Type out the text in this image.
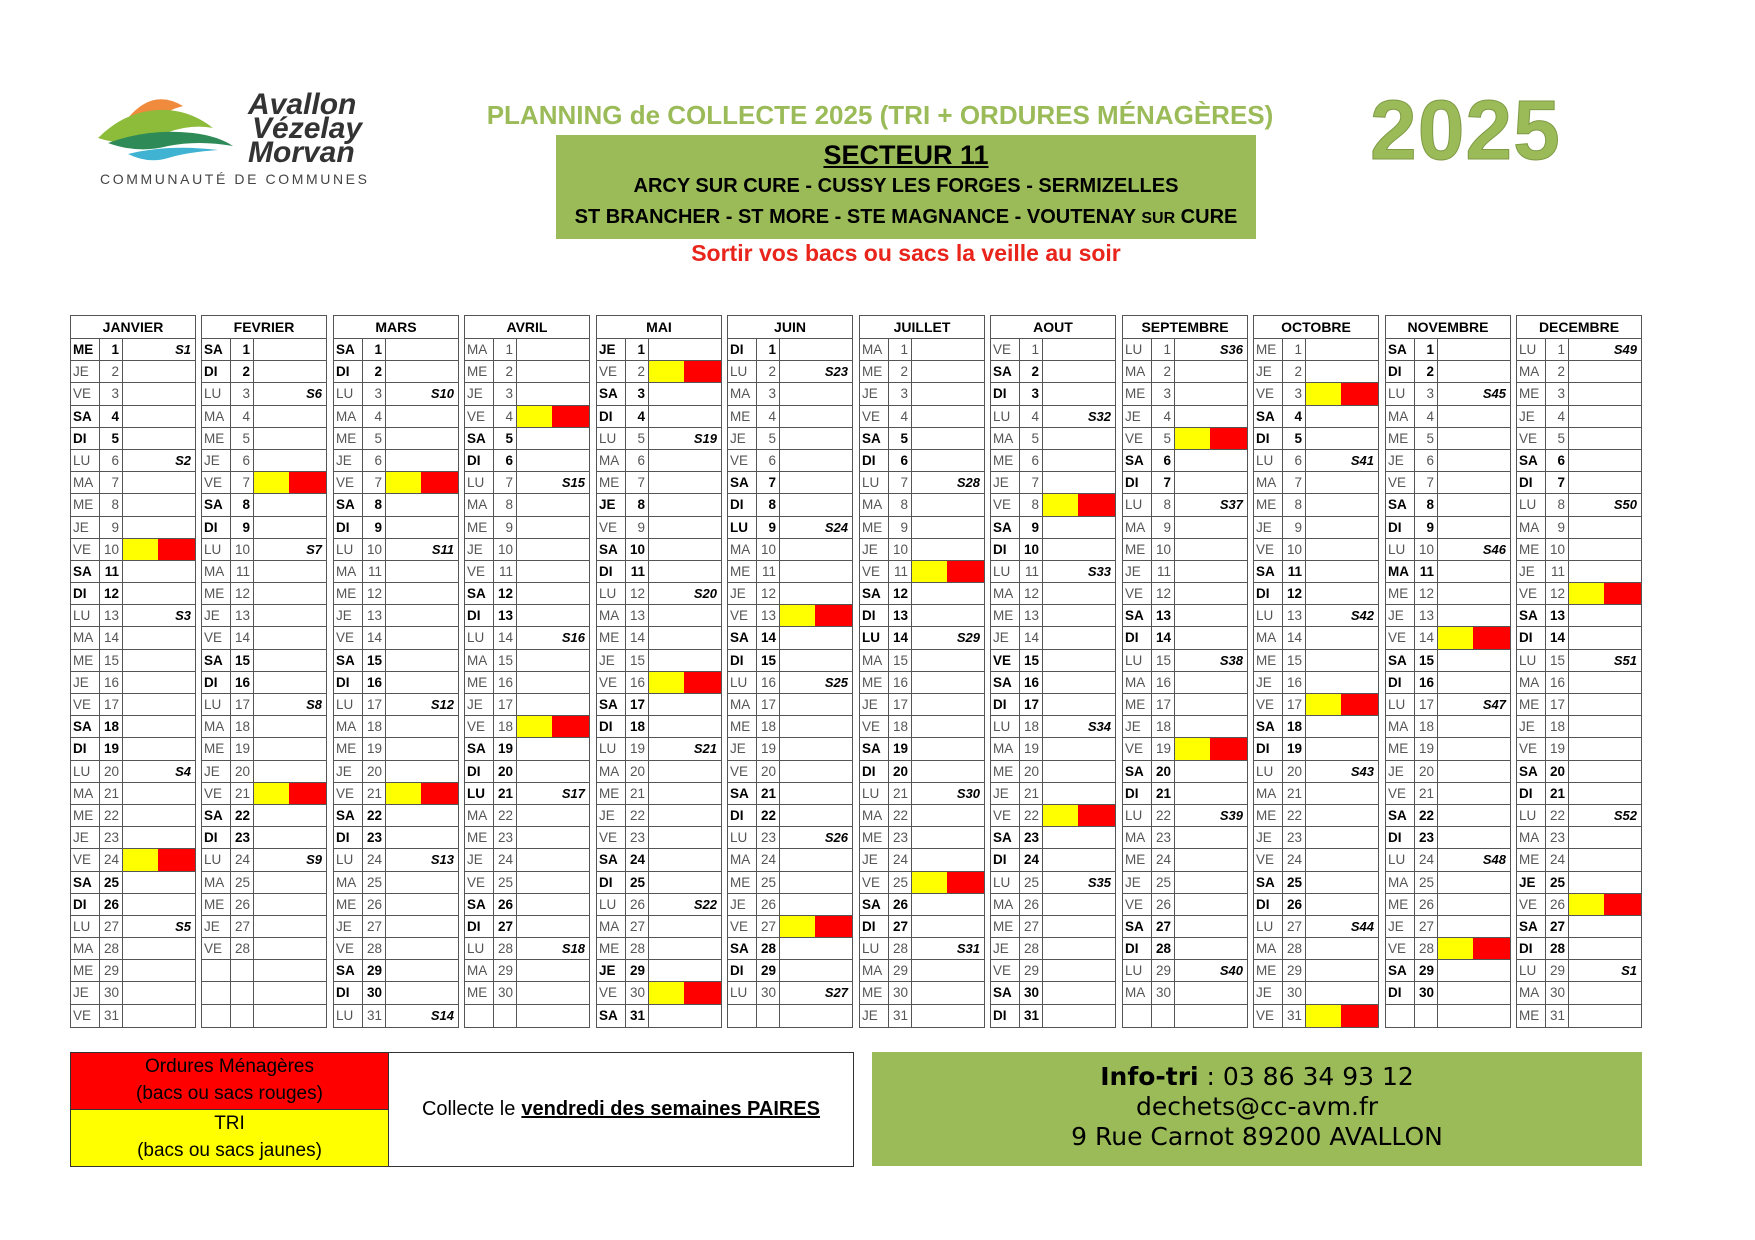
Avallon
Vézelay
Morvan
COMMUNAUTÉ DE COMMUNES
PLANNING de COLLECTE 2025 (TRI + ORDURES MÉNAGÈRES)	2025
SECTEUR 11
ARCY SUR CURE - CUSSY LES FORGES - SERMIZELLES
ST BRANCHER - ST MORE - STE MAGNANCE - VOUTENAY SUR CURE
Sortir vos bacs ou sacs la veille au soir
JANVIER
ME	1	S1
JE	2
VE	3
SA	4
DI	5
LU	6	S2
MA	7
ME	8
JE	9
VE 10
SA 11
DI	12
LU	13	S3
MA 14
ME 15
JE	16
VE 17
SA 18
DI	19
LU	20	S4
MA 21
ME 22
JE	23
VE 24
SA 25
DI	26
LU	27	S5
MA 28
ME 29
JE	30
VE 31
FEVRIER
SA	1
DI	2
LU	3	S6
MA	4
ME	5
JE	6
VE	7
SA	8
DI	9
LU	10	S7
MA 11
ME 12
JE	13
VE 14
SA 15
DI	16
LU	17	S8
MA 18
ME 19
JE	20
VE 21
SA 22
DI	23
LU	24	S9
MA 25
ME 26
JE	27
VE 28
MARS
SA	1
DI	2
LU	3	S10
MA	4
ME	5
JE	6
VE	7
SA	8
DI	9
LU	10	S11
MA 11
ME 12
JE	13
VE 14
SA 15
DI	16
LU	17	S12
MA 18
ME 19
JE	20
VE 21
SA 22
DI	23
LU	24	S13
MA 25
ME 26
JE	27
VE 28
SA 29
DI	30
LU	31	S14
AVRIL
MA	1
ME	2
JE	3
VE	4
SA	5
DI	6
LU	7	S15
MA	8
ME	9
JE	10
VE	11
SA 12
DI	13
LU	14	S16
MA 15
ME 16
JE	17
VE 18
SA 19
DI	20
LU 21	S17
MA 22
ME 23
JE	24
VE 25
SA 26
DI	27
LU	28	S18
MA 29
ME 30
MAI
JE	1
VE	2
SA	3
DI	4
LU	5	S19
MA	6
ME	7
JE	8
VE	9
SA 10
DI	11
LU	12	S20
MA 13
ME 14
JE	15
VE 16
SA 17
DI	18
LU	19	S21
MA 20
ME 21
JE	22
VE 23
SA 24
DI	25
LU	26	S22
MA 27
ME 28
JE	29
VE 30
SA 31
JUIN
DI	1
LU	2	S23
MA	3
ME	4
JE	5
VE	6
SA	7
DI	8
LU	9	S24
MA 10
ME 11
JE	12
VE 13
SA 14
DI	15
LU	16	S25
MA 17
ME 18
JE	19
VE 20
SA 21
DI	22
LU	23	S26
MA 24
ME 25
JE	26
VE 27
SA 28
DI	29
LU	30	S27
JUILLET
MA	1
ME	2
JE	3
VE	4
SA	5
DI	6
LU	7	S28
MA	8
ME	9
JE	10
VE	11
SA 12
DI	13
LU 14	S29
MA 15
ME 16
JE	17
VE 18
SA 19
DI	20
LU	21	S30
MA 22
ME 23
JE	24
VE 25
SA 26
DI	27
LU	28	S31
MA 29
ME 30
JE	31
AOUT
VE	1
SA	2
DI	3
LU	4	S32
MA	5
ME	6
JE	7
VE	8
SA	9
DI	10
LU	11	S33
MA 12
ME 13
JE	14
VE 15
SA 16
DI	17
LU	18	S34
MA 19
ME 20
JE	21
VE 22
SA 23
DI	24
LU	25	S35
MA 26
ME 27
JE	28
VE 29
SA 30
DI	31
SEPTEMBRE
LU	1	S36
MA	2
ME	3
JE	4
VE	5
SA	6
DI	7
LU	8	S37
MA	9
ME 10
JE	11
VE 12
SA 13
DI	14
LU	15	S38
MA 16
ME 17
JE	18
VE 19
SA 20
DI	21
LU	22	S39
MA 23
ME 24
JE	25
VE 26
SA 27
DI	28
LU	29	S40
MA 30
OCTOBRE
ME	1
JE	2
VE	3
SA	4
DI	5
LU	6	S41
MA	7
ME	8
JE	9
VE 10
SA 11
DI	12
LU	13	S42
MA 14
ME 15
JE	16
VE 17
SA 18
DI	19
LU	20	S43
MA 21
ME 22
JE	23
VE 24
SA 25
DI	26
LU	27	S44
MA 28
ME 29
JE	30
VE 31
NOVEMBRE
SA	1
DI	2
LU	3	S45
MA	4
ME	5
JE	6
VE	7
SA	8
DI	9
LU	10	S46
MA 11
ME 12
JE	13
VE 14
SA 15
DI	16
LU	17	S47
MA 18
ME 19
JE	20
VE 21
SA 22
DI	23
LU	24	S48
MA 25
ME 26
JE	27
VE 28
SA 29
DI	30
DECEMBRE
LU	1	S49
MA	2
ME	3
JE	4
VE	5
SA	6
DI	7
LU	8	S50
MA	9
ME 10
JE	11
VE 12
SA 13
DI	14
LU	15	S51
MA 16
ME 17
JE	18
VE 19
SA 20
DI	21
LU	22	S52
MA 23
ME 24
JE	25
VE 26
SA 27
DI	28
LU	29	S1
MA 30
ME 31
Ordures Ménagères
(bacs ou sacs rouges)
TRI
(bacs ou sacs jaunes)
Collecte le vendredi des semaines PAIRES
Info-tri : 03 86 34 93 12
dechets@cc-avm.fr
9 Rue Carnot 89200 AVALLON
